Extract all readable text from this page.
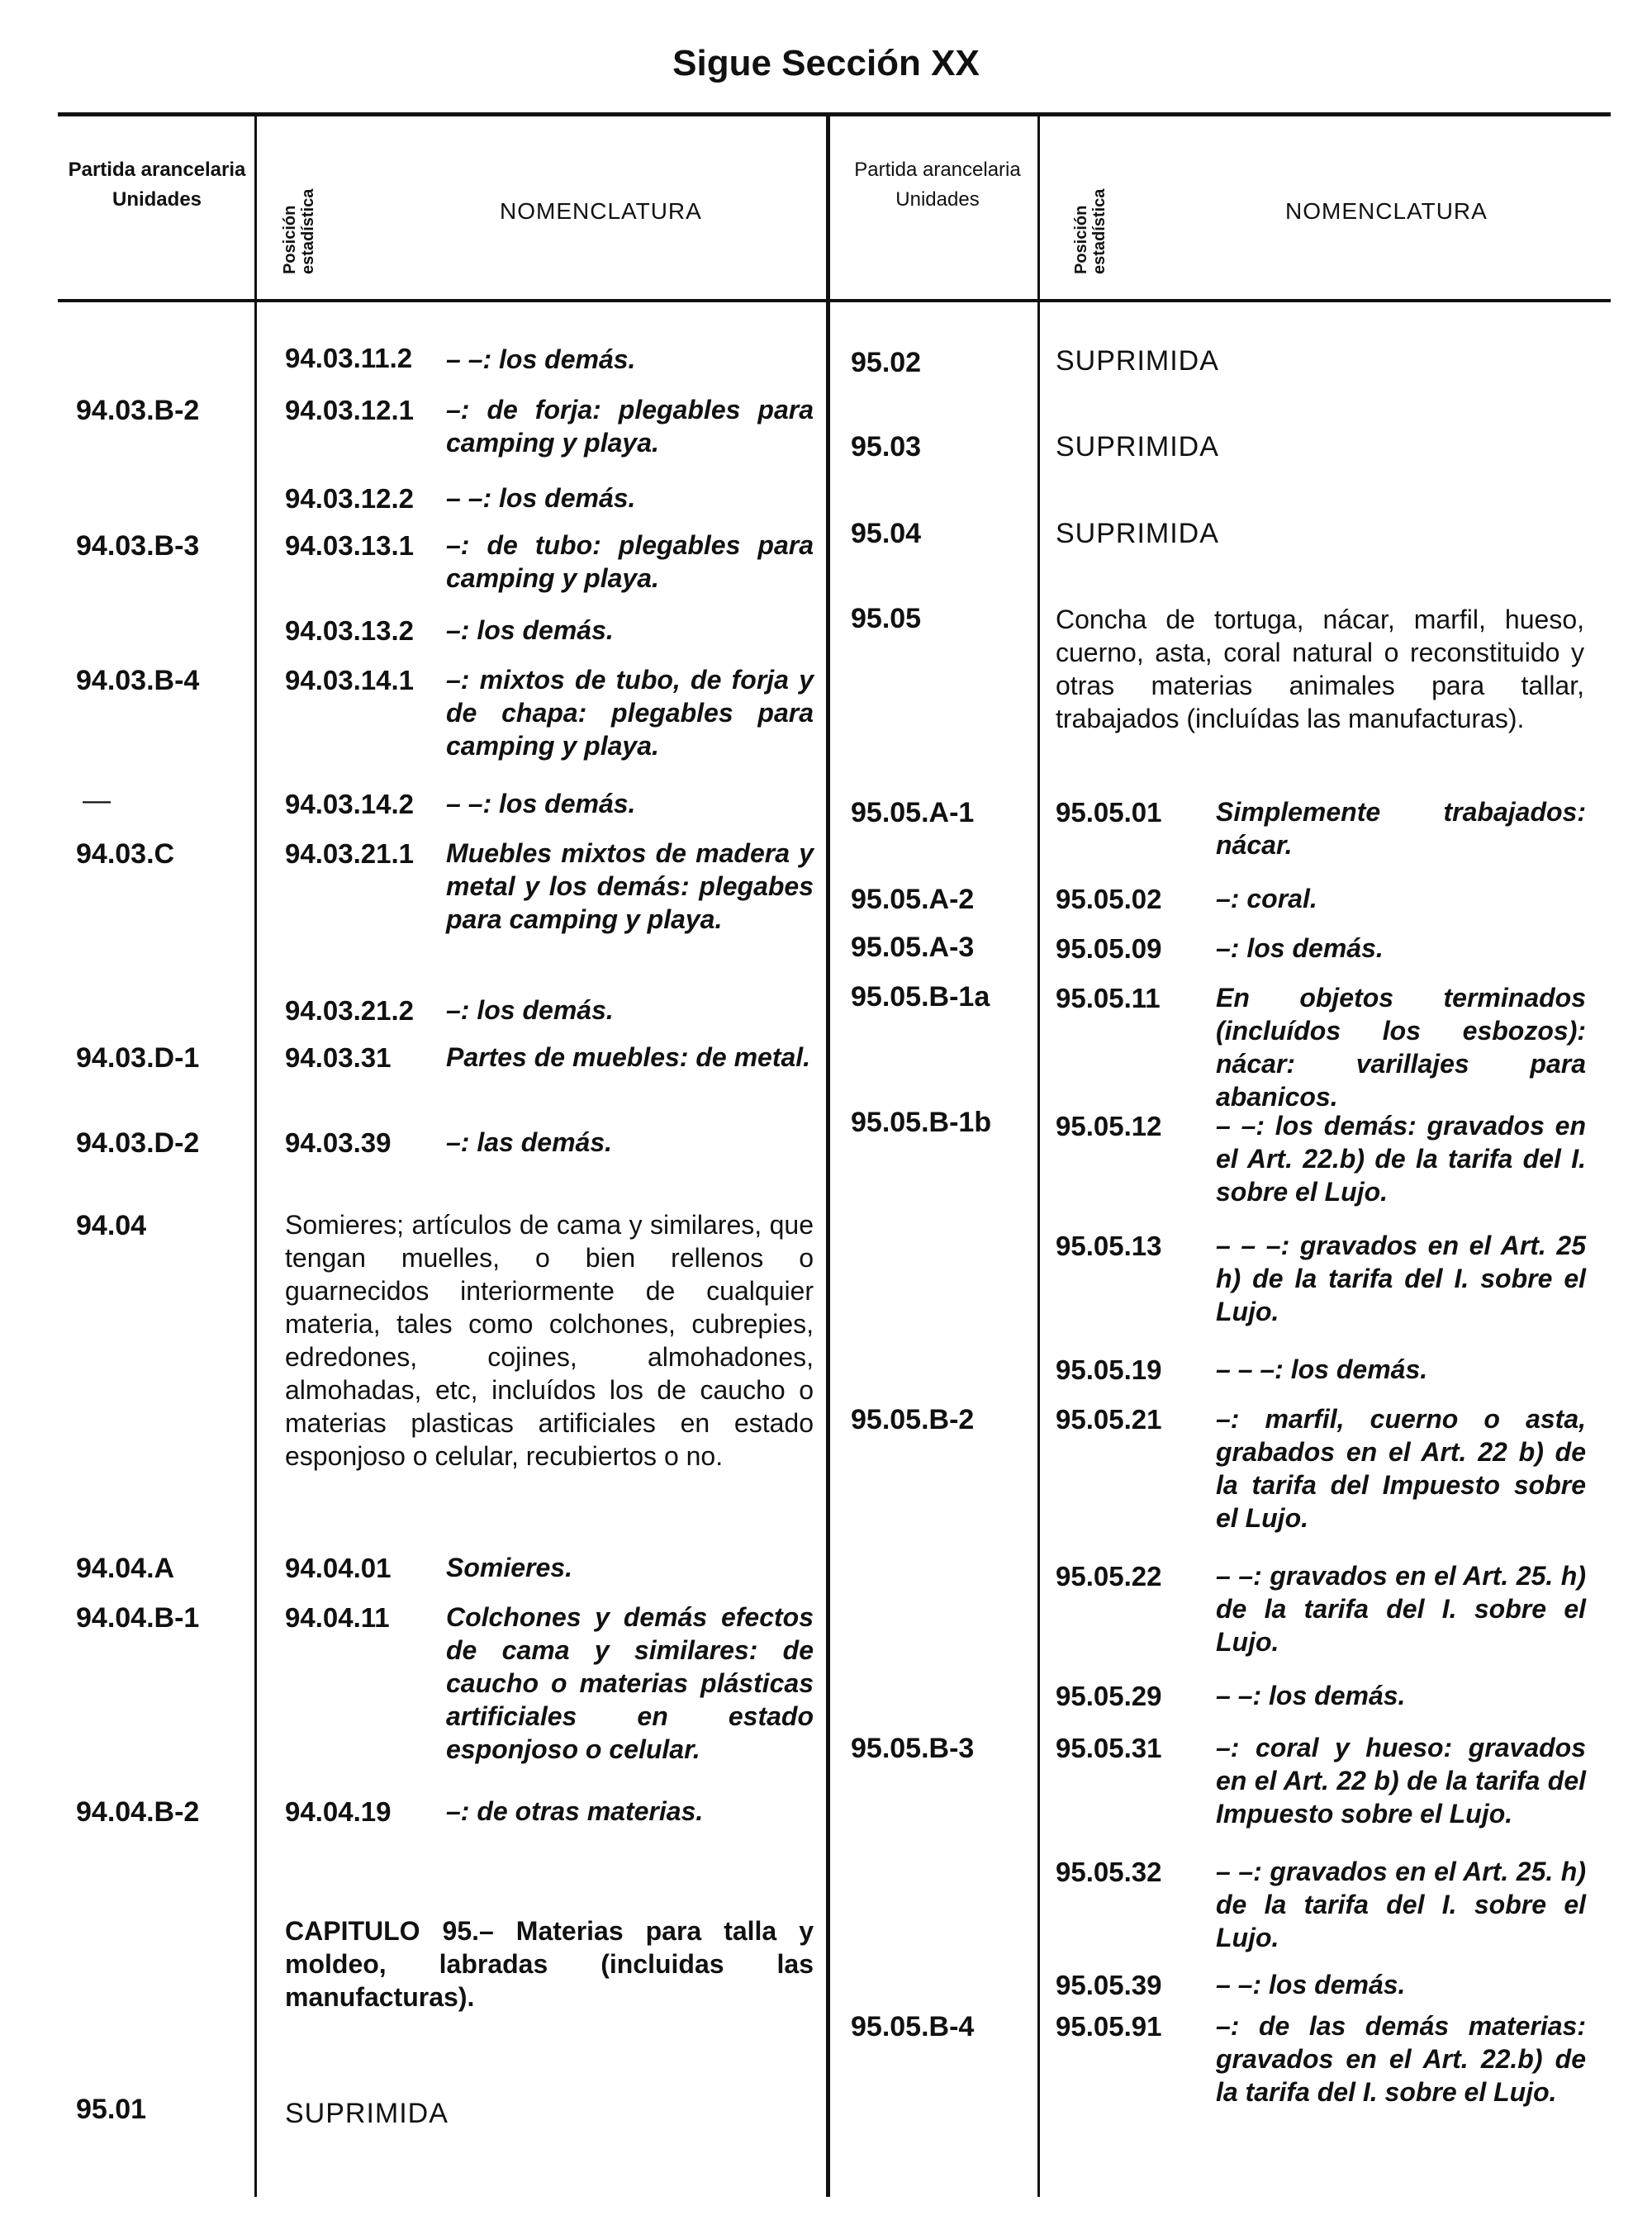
Sigue Sección XX
Partida arancelaria
Unidades
Posición estadística	NOMENCLATURA
Partida arancelaria
Unidades
Posición estadística	NOMENCLATURA
94.03.11.2 – –: los demás.
94.03.B-2	94.03.12.1 –: de forja: plegables para camping y playa.
94.03.12.2 – –: los demás.
94.03.B-3	94.03.13.1 –: de tubo: plegables para camping y playa.
94.03.13.2 –: los demás.
94.03.B-4	94.03.14.1 –: mixtos de tubo, de forja y de chapa: plegables para camping y playa.
—	94.03.14.2 – –: los demás.
94.03.C	94.03.21.1 Muebles mixtos de madera y metal y los demás: plegabes para camping y playa.
94.03.21.2 –: los demás.
94.03.D-1	94.03.31 Partes de muebles: de metal.
94.03.D-2	94.03.39 –: las demás.
94.04	Somieres; artículos de cama y similares, que tengan muelles, o bien rellenos o guarnecidos interiormente de cualquier materia, tales como colchones, cubrepies, edredones, cojines, almohadones, almohadas, etc, incluídos los de caucho o materias plasticas artificiales en estado esponjoso o celular, recubiertos o no.
94.04.A	94.04.01 Somieres.
94.04.B-1	94.04.11 Colchones y demás efectos de cama y similares: de caucho o materias plásticas artificiales en estado esponjoso o celular.
94.04.B-2	94.04.19 –: de otras materias.
CAPITULO 95.– Materias para talla y moldeo, labradas (incluidas las manufacturas).
95.01	SUPRIMIDA
95.02	SUPRIMIDA
95.03	SUPRIMIDA
95.04	SUPRIMIDA
95.05	Concha de tortuga, nácar, marfil, hueso, cuerno, asta, coral natural o reconstituido y otras materias animales para tallar, trabajados (incluídas las manufacturas).
95.05.A-1	95.05.01 Simplemente trabajados: nácar.
95.05.A-2	95.05.02 –: coral.
95.05.A-3	95.05.09 –: los demás.
95.05.B-1a 95.05.11 En objetos terminados (incluídos los esbozos): nácar: varillajes para abanicos.
95.05.B-1b 95.05.12 – –: los demás: gravados en el Art. 22.b) de la tarifa del I. sobre el Lujo.
95.05.13 – – –: gravados en el Art. 25 h) de la tarifa del I. sobre el Lujo.
95.05.19 – – –: los demás.
95.05.B-2	95.05.21 –: marfil, cuerno o asta, grabados en el Art. 22 b) de la tarifa del Impuesto sobre el Lujo.
95.05.22 – –: gravados en el Art. 25. h) de la tarifa del I. sobre el Lujo.
95.05.29 – –: los demás.
95.05.B-3	95.05.31 –: coral y hueso: gravados en el Art. 22 b) de la tarifa del Impuesto sobre el Lujo.
95.05.32 – –: gravados en el Art. 25. h) de la tarifa del I. sobre el Lujo.
95.05.39 – –: los demás.
95.05.B-4	95.05.91 –: de las demás materias: gravados en el Art. 22.b) de la tarifa del I. sobre el Lujo.
